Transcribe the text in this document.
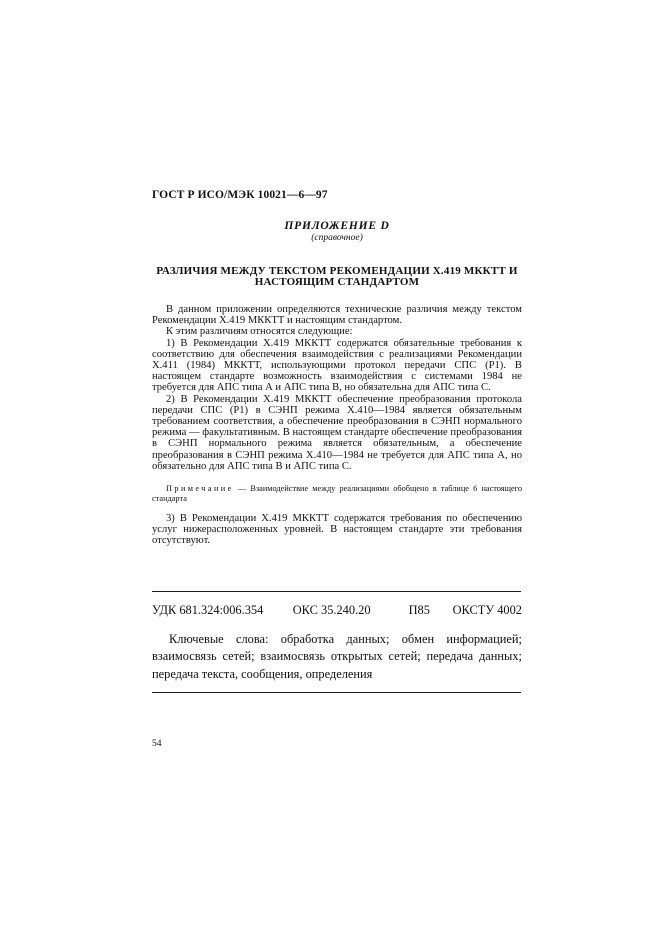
ГОСТ Р ИСО/МЭК 10021—6—97
ПРИЛОЖЕНИЕ D
(справочное)
РАЗЛИЧИЯ МЕЖДУ ТЕКСТОМ РЕКОМЕНДАЦИИ X.419 МККТТ И
НАСТОЯЩИМ СТАНДАРТОМ

В данном приложении определяются технические различия между текстом Рекомендации X.419 МККТТ и настоящим стандартом.

К этим различиям относятся следующие:

1) В Рекомендации X.419 МККТТ содержатся обязательные требования к соответствию для обеспечения взаимодействия с реализациями Рекомендации X.411 (1984) МККТТ, использующими протокол передачи СПС (P1). В настоящем стандарте возможность взаимодействия с системами 1984 не требуется для АПС типа А и АПС типа В, но обязательна для АПС типа С.

2) В Рекомендации X.419 МККТТ обеспечение преобразования протокола передачи СПС (P1) в СЭНП режима X.410—1984 является обязательным требованием соответствия, а обеспечение преобразования в СЭНП нормального режима — факультативным. В настоящем стандарте обеспечение преобразования в СЭНП нормального режима является обязательным, а обеспечение преобразования в СЭНП режима X.410—1984 не требуется для АПС типа А, но обязательно для АПС типа В и АПС типа С.

Примечание — Взаимодействие между реализациями обобщено в таблице 6 настоящего стандарта

3) В Рекомендации X.419 МККТТ содержатся требования по обеспечению услуг нижерасположенных уровней. В настоящем стандарте эти требования отсутствуют.

УДК 681.324:006.354	ОКС 35.240.20	П85	ОКСТУ 4002

Ключевые слова: обработка данных; обмен информацией; взаимосвязь сетей; взаимосвязь открытых сетей; передача данных; передача текста, сообщения, определения

54
